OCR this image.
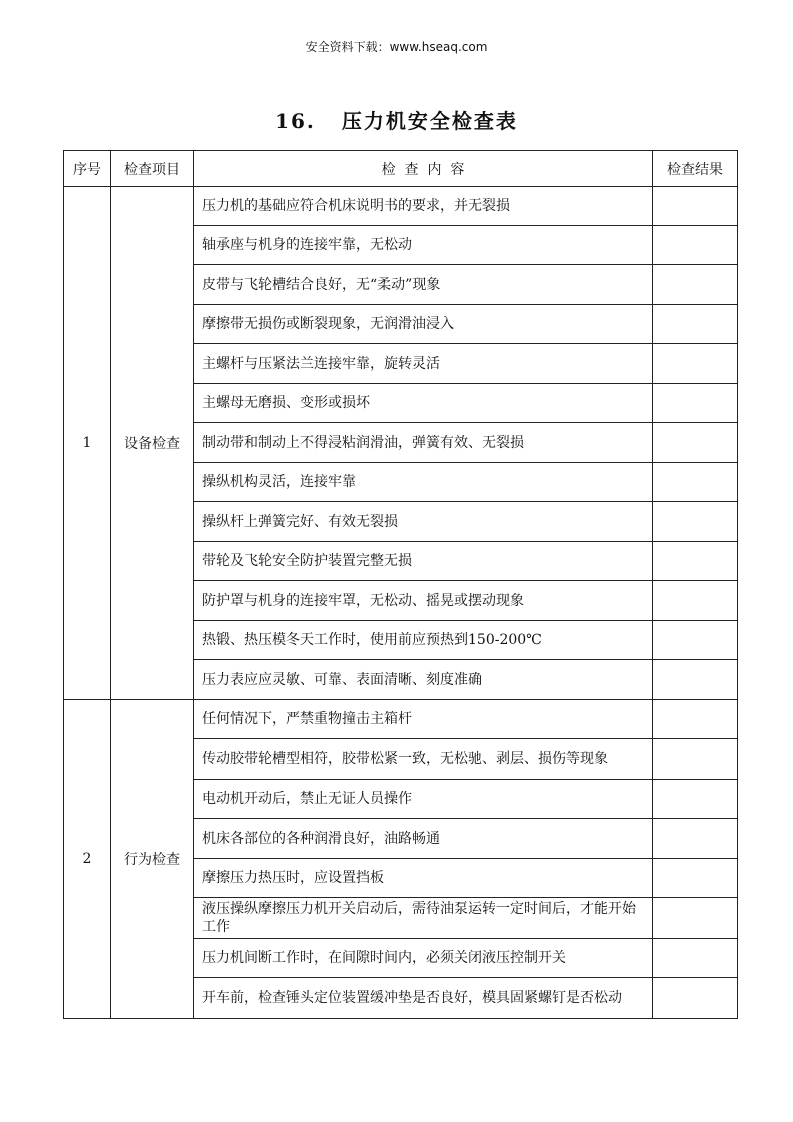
安全资料下载：www.hseaq.com
16. 压力机安全检查表
序号	检查项目	检  查  内  容	检查结果
1	设备检查	压力机的基础应符合机床说明书的要求，并无裂损	
		轴承座与机身的连接牢靠，无松动	
		皮带与飞轮槽结合良好，无“柔动”现象	
		摩擦带无损伤或断裂现象，无润滑油浸入	
		主螺杆与压紧法兰连接牢靠，旋转灵活	
		主螺母无磨损、变形或损坏	
		制动带和制动上不得浸粘润滑油，弹簧有效、无裂损	
		操纵机构灵活，连接牢靠	
		操纵杆上弹簧完好、有效无裂损	
		带轮及飞轮安全防护装置完整无损	
		防护罩与机身的连接牢罩，无松动、摇晃或摆动现象	
		热锻、热压模冬天工作时，使用前应预热到150-200℃	
		压力表应应灵敏、可靠、表面清晰、刻度准确	
2	行为检查	任何情况下，严禁重物撞击主箱杆	
		传动胶带轮槽型相符，胶带松紧一致，无松驰、剥层、损伤等现象	
		电动机开动后，禁止无证人员操作	
		机床各部位的各种润滑良好，油路畅通	
		摩擦压力热压时，应设置挡板	
		液压操纵摩擦压力机开关启动后，需待油泵运转一定时间后，才能开始工作	
		压力机间断工作时，在间隙时间内，必须关闭液压控制开关	
		开车前，检查锤头定位装置缓冲垫是否良好，模具固紧螺钉是否松动	
